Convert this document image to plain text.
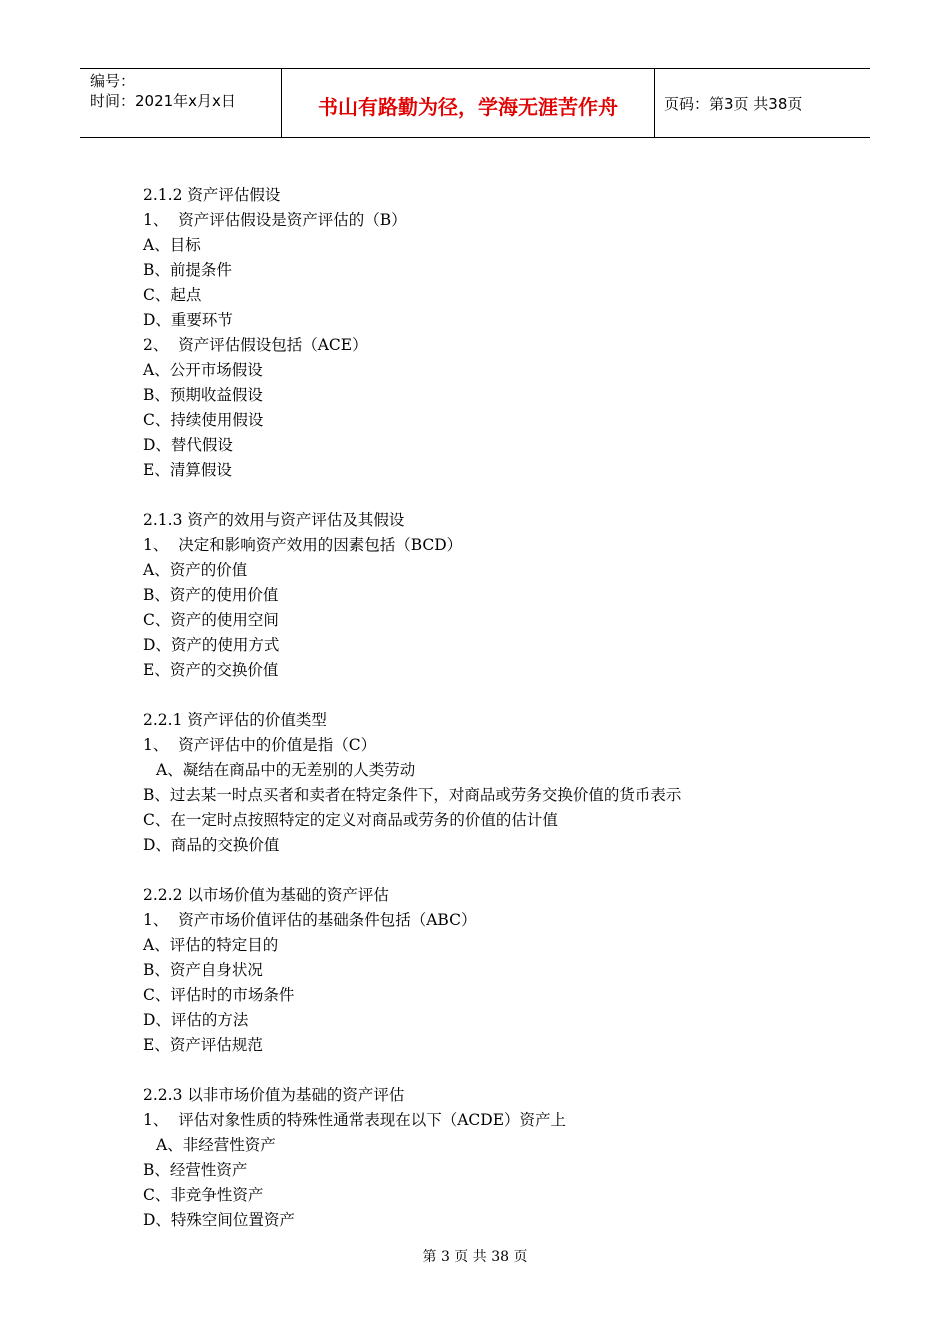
编号：
时间：2021年x月x日	书山有路勤为径，学海无涯苦作舟	页码：第3页 共38页
2.1.2 资产评估假设
1、  资产评估假设是资产评估的（B）
A、目标
B、前提条件
C、起点
D、重要环节
2、  资产评估假设包括（ACE）
A、公开市场假设
B、预期收益假设
C、持续使用假设
D、替代假设
E、清算假设
2.1.3 资产的效用与资产评估及其假设
1、  决定和影响资产效用的因素包括（BCD）
A、资产的价值
B、资产的使用价值
C、资产的使用空间
D、资产的使用方式
E、资产的交换价值
2.2.1 资产评估的价值类型
1、  资产评估中的价值是指（C）
A、凝结在商品中的无差别的人类劳动
B、过去某一时点买者和卖者在特定条件下，对商品或劳务交换价值的货币表示
C、在一定时点按照特定的定义对商品或劳务的价值的估计值
D、商品的交换价值
2.2.2 以市场价值为基础的资产评估
1、  资产市场价值评估的基础条件包括（ABC）
A、评估的特定目的
B、资产自身状况
C、评估时的市场条件
D、评估的方法
E、资产评估规范
2.2.3 以非市场价值为基础的资产评估
1、  评估对象性质的特殊性通常表现在以下（ACDE）资产上
A、非经营性资产
B、经营性资产
C、非竞争性资产
D、特殊空间位置资产
第 3 页 共 38 页
